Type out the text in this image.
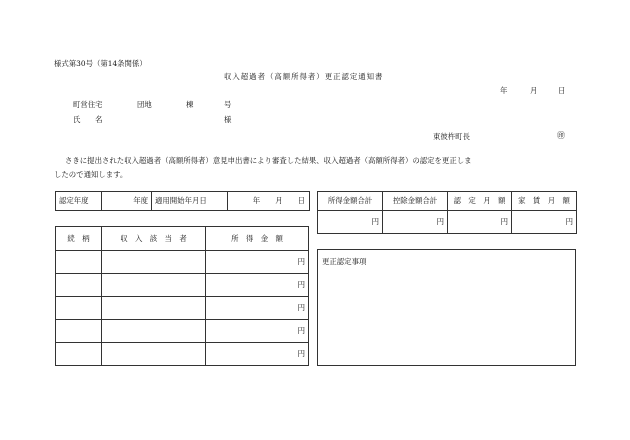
様式第30号（第14条関係）
収入超過者（高額所得者）更正認定通知書
年	月	日
町営住宅	団地	棟	号
氏　　名	様
東彼杵町長	㊞
さきに提出された収入超過者（高額所得者）意見申出書により審査した結果、収入超過者（高額所得者）の認定を更正しま
したので通知します。
認定年度	年度	適用開始年月日	年 月 日	所得金額合計	控除金額合計	認　定　月　額	家　賃　月　額
円	円	円	円
続　柄	収　入　該　当　者	所　得　金　額
		円
		円
		円
		円
		円
更正認定事項
